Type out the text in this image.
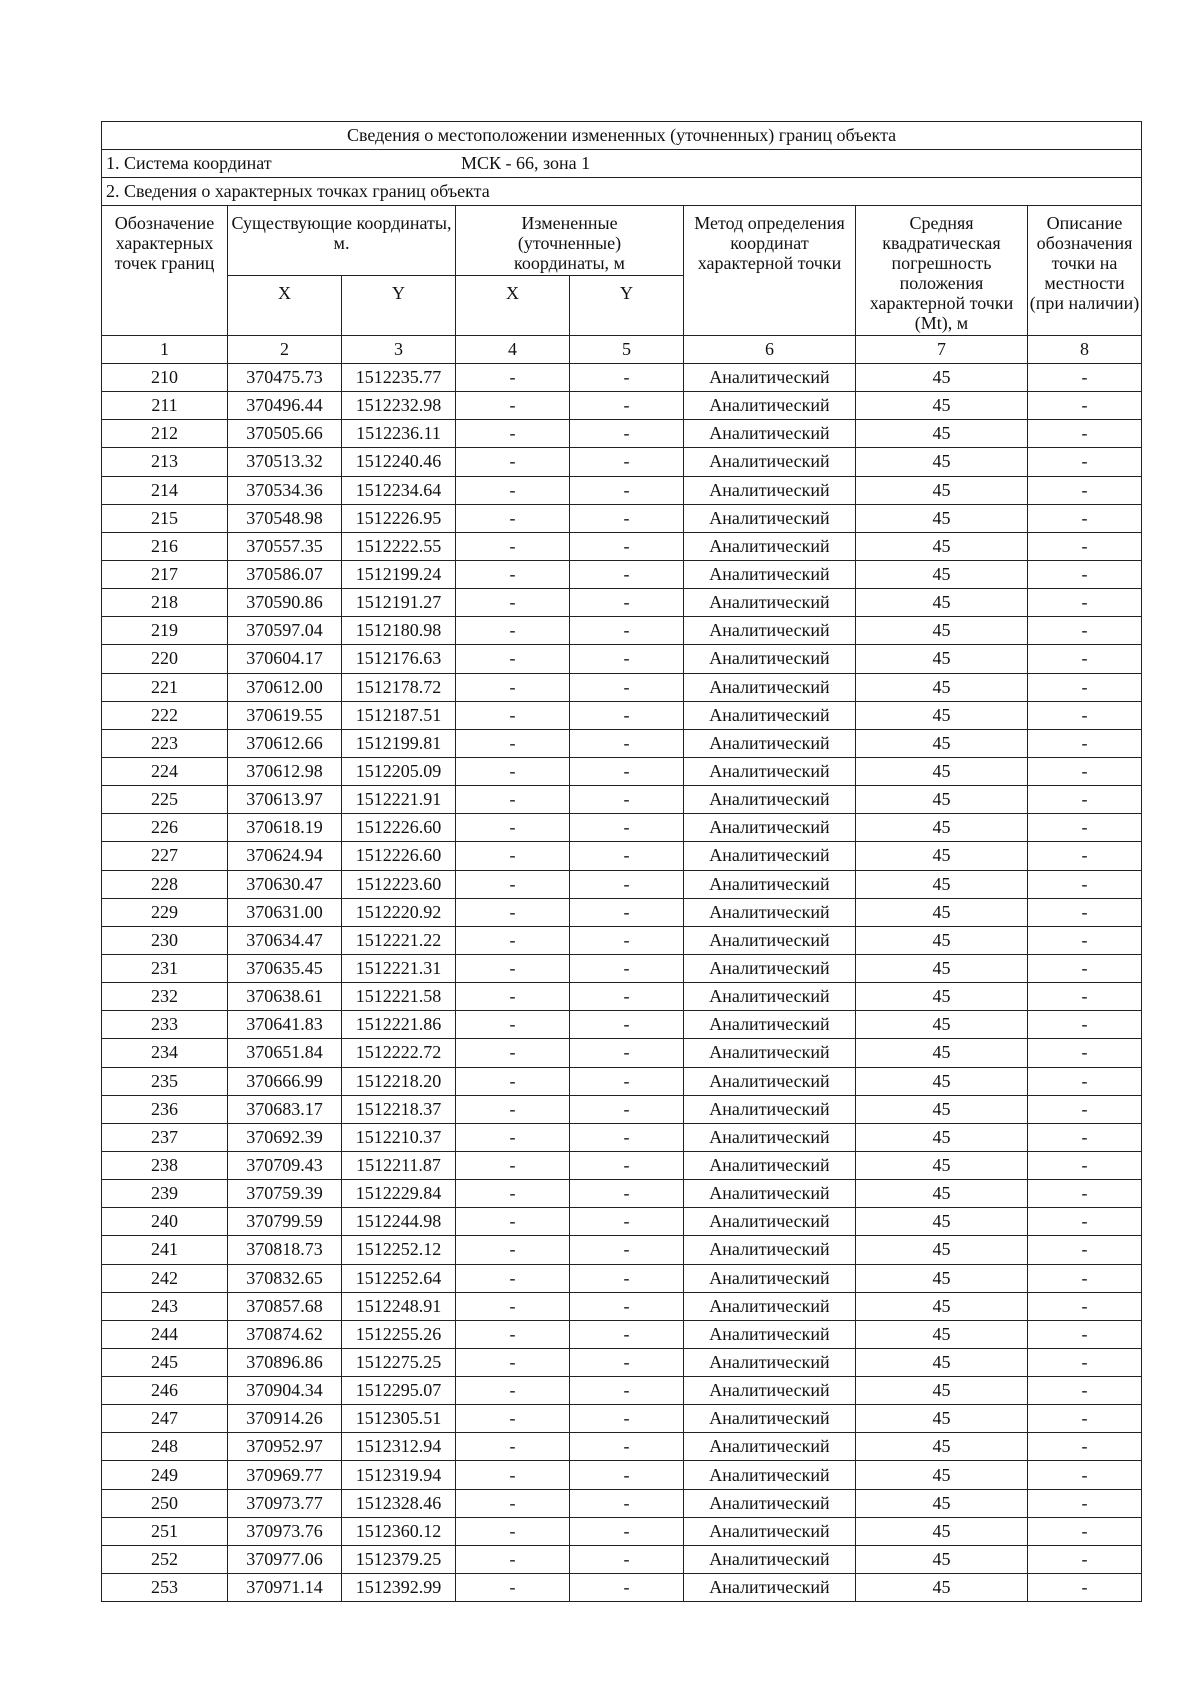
Сведения о местоположении измененных (уточненных) границ объекта							
1. Система координат МСК - 66, зона 1							
2. Сведения о характерных точках границ объекта							
Обозначение характерных точек границ	Существующие координаты, м.		Измененные (уточненные) координаты, м		Метод определения координат характерной точки	Средняя квадратическая погрешность положения характерной точки (Mt), м	Описание обозначения точки на местности (при наличии)
	X	Y	X	Y			
1	2	3	4	5	6	7	8
210	370475.73	1512235.77	-	-	Аналитический	45	-
211	370496.44	1512232.98	-	-	Аналитический	45	-
212	370505.66	1512236.11	-	-	Аналитический	45	-
213	370513.32	1512240.46	-	-	Аналитический	45	-
214	370534.36	1512234.64	-	-	Аналитический	45	-
215	370548.98	1512226.95	-	-	Аналитический	45	-
216	370557.35	1512222.55	-	-	Аналитический	45	-
217	370586.07	1512199.24	-	-	Аналитический	45	-
218	370590.86	1512191.27	-	-	Аналитический	45	-
219	370597.04	1512180.98	-	-	Аналитический	45	-
220	370604.17	1512176.63	-	-	Аналитический	45	-
221	370612.00	1512178.72	-	-	Аналитический	45	-
222	370619.55	1512187.51	-	-	Аналитический	45	-
223	370612.66	1512199.81	-	-	Аналитический	45	-
224	370612.98	1512205.09	-	-	Аналитический	45	-
225	370613.97	1512221.91	-	-	Аналитический	45	-
226	370618.19	1512226.60	-	-	Аналитический	45	-
227	370624.94	1512226.60	-	-	Аналитический	45	-
228	370630.47	1512223.60	-	-	Аналитический	45	-
229	370631.00	1512220.92	-	-	Аналитический	45	-
230	370634.47	1512221.22	-	-	Аналитический	45	-
231	370635.45	1512221.31	-	-	Аналитический	45	-
232	370638.61	1512221.58	-	-	Аналитический	45	-
233	370641.83	1512221.86	-	-	Аналитический	45	-
234	370651.84	1512222.72	-	-	Аналитический	45	-
235	370666.99	1512218.20	-	-	Аналитический	45	-
236	370683.17	1512218.37	-	-	Аналитический	45	-
237	370692.39	1512210.37	-	-	Аналитический	45	-
238	370709.43	1512211.87	-	-	Аналитический	45	-
239	370759.39	1512229.84	-	-	Аналитический	45	-
240	370799.59	1512244.98	-	-	Аналитический	45	-
241	370818.73	1512252.12	-	-	Аналитический	45	-
242	370832.65	1512252.64	-	-	Аналитический	45	-
243	370857.68	1512248.91	-	-	Аналитический	45	-
244	370874.62	1512255.26	-	-	Аналитический	45	-
245	370896.86	1512275.25	-	-	Аналитический	45	-
246	370904.34	1512295.07	-	-	Аналитический	45	-
247	370914.26	1512305.51	-	-	Аналитический	45	-
248	370952.97	1512312.94	-	-	Аналитический	45	-
249	370969.77	1512319.94	-	-	Аналитический	45	-
250	370973.77	1512328.46	-	-	Аналитический	45	-
251	370973.76	1512360.12	-	-	Аналитический	45	-
252	370977.06	1512379.25	-	-	Аналитический	45	-
253	370971.14	1512392.99	-	-	Аналитический	45	-
